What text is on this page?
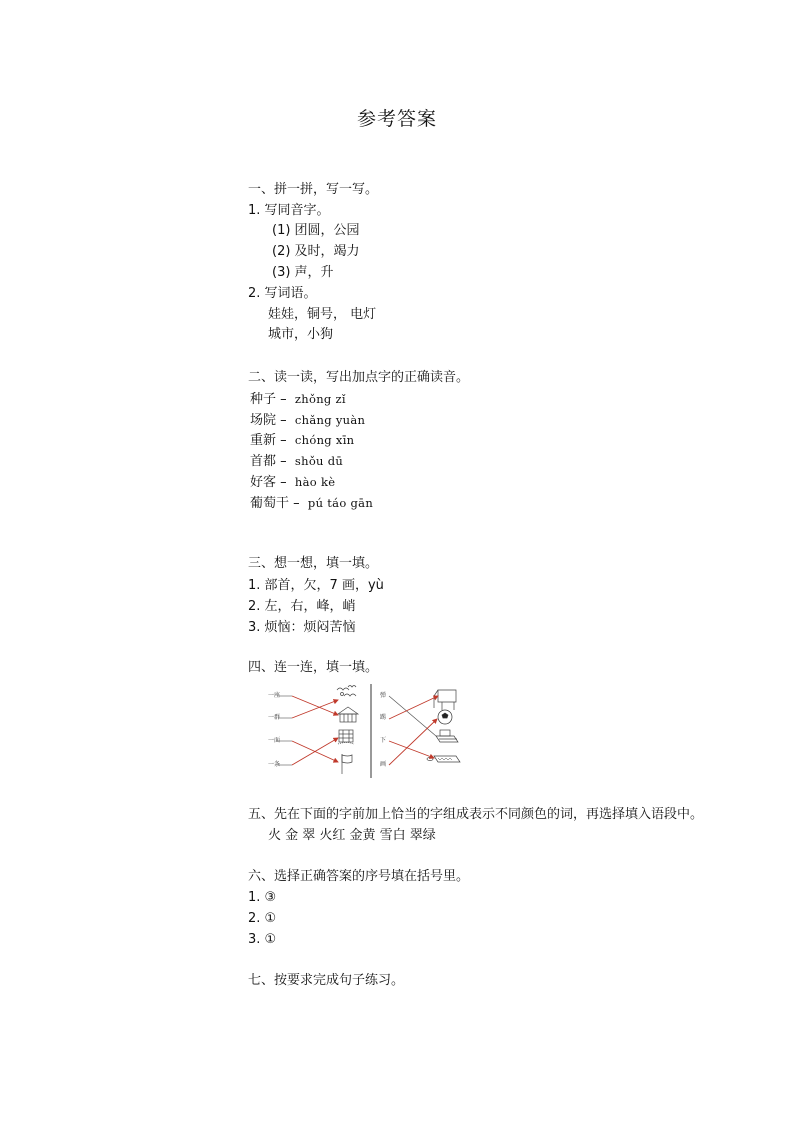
参考答案
一、拼一拼，写一写。
1. 写同音字。
(1) 团圆，公园
(2) 及时，竭力
(3) 声，升
2. 写词语。
娃娃，铜号， 电灯
城市，小狗
二、读一读，写出加点字的正确读音。
种子 –  zhǒng zǐ
场院 –  chǎng yuàn
重新 –  chóng xīn
首都 –  shǒu dū
好客 –  hào kè
葡萄干 –  pú táo gān
三、想一想，填一填。
1. 部首，欠，7 画，yù
2. 左，右，峰，峭
3. 烦恼：烦闷苦恼
四、连一连，填一填。
一座
一群
一面
一条
弹
踢
下
画
五、先在下面的字前加上恰当的字组成表示不同颜色的词，再选择填入语段中。
火 金 翠 火红 金黄 雪白 翠绿
六、选择正确答案的序号填在括号里。
1. ③
2. ①
3. ①
七、按要求完成句子练习。
